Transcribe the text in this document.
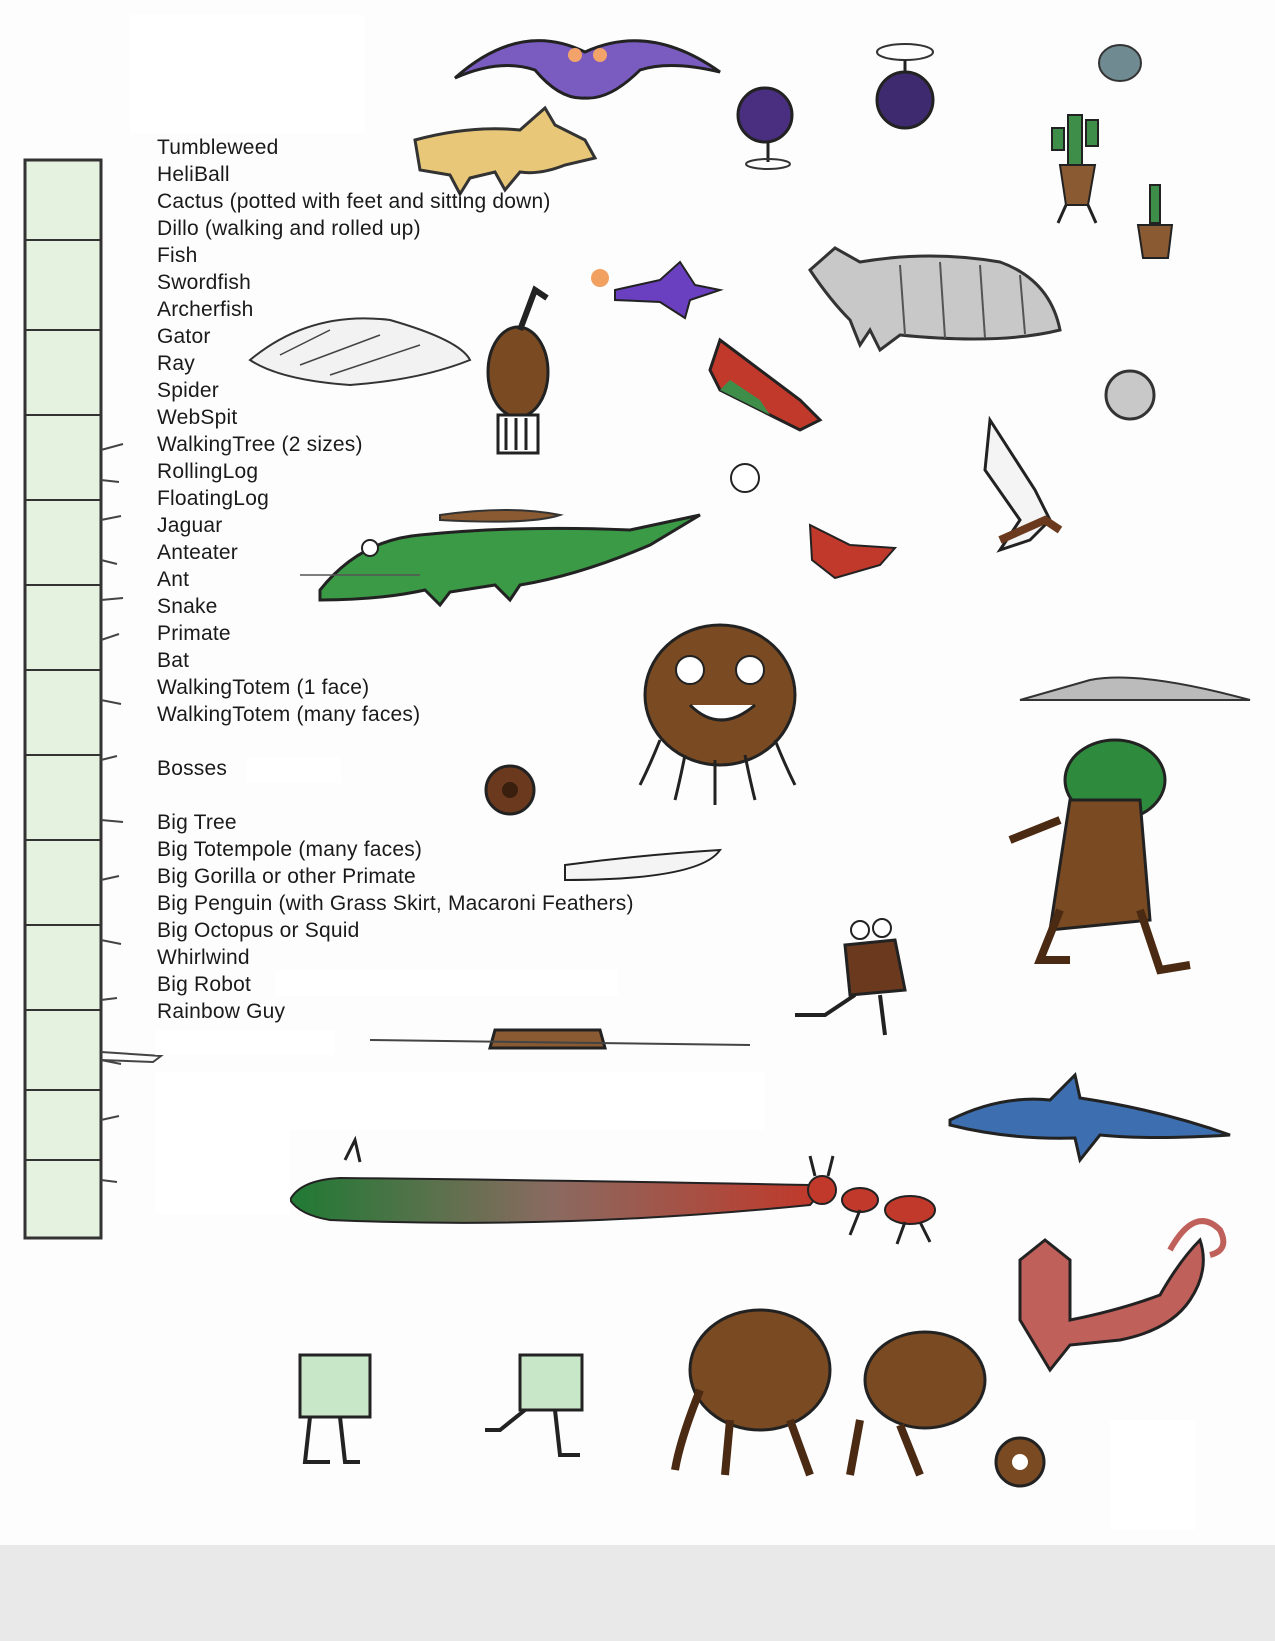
Tumbleweed
HeliBall
Cactus (potted with feet and sitting down)
Dillo (walking and rolled up)
Fish
Swordfish
Archerfish
Gator
Ray
Spider
WebSpit
WalkingTree (2 sizes)
RollingLog
FloatingLog
Jaguar
Anteater
Ant
Snake
Primate
Bat
WalkingTotem (1 face)
WalkingTotem (many faces)
Bosses
Big Tree
Big Totempole (many faces)
Big Gorilla or other Primate
Big Penguin (with Grass Skirt, Macaroni Feathers)
Big Octopus or Squid
Whirlwind
Big Robot
Rainbow Guy
